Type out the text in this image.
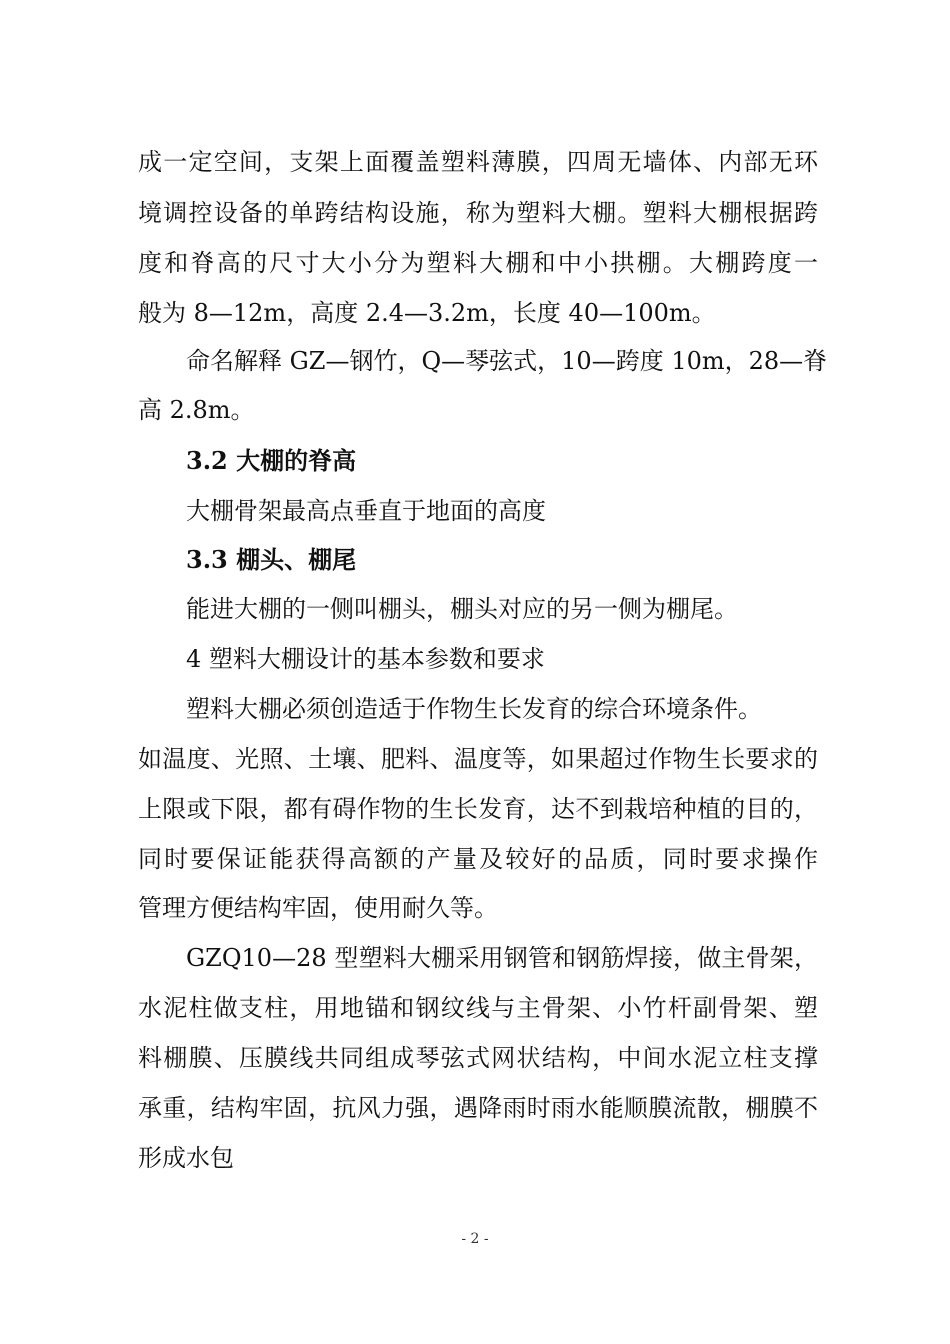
成一定空间，支架上面覆盖塑料薄膜，四周无墙体、内部无环
境调控设备的单跨结构设施，称为塑料大棚。塑料大棚根据跨
度和脊高的尺寸大小分为塑料大棚和中小拱棚。大棚跨度一
般为 8—12m，高度 2.4—3.2m，长度 40—100m。
命名解释 GZ—钢竹，Q—琴弦式，10—跨度 10m，28—脊
高 2.8m。
3.2 大棚的脊高
大棚骨架最高点垂直于地面的高度
3.3 棚头、棚尾
能进大棚的一侧叫棚头，棚头对应的另一侧为棚尾。
4 塑料大棚设计的基本参数和要求
塑料大棚必须创造适于作物生长发育的综合环境条件。
如温度、光照、土壤、肥料、温度等，如果超过作物生长要求的
上限或下限，都有碍作物的生长发育，达不到栽培种植的目的，
同时要保证能获得高额的产量及较好的品质，同时要求操作
管理方便结构牢固，使用耐久等。
GZQ10—28 型塑料大棚采用钢管和钢筋焊接，做主骨架，
水泥柱做支柱，用地锚和钢纹线与主骨架、小竹杆副骨架、塑
料棚膜、压膜线共同组成琴弦式网状结构，中间水泥立柱支撑
承重，结构牢固，抗风力强，遇降雨时雨水能顺膜流散，棚膜不
形成水包
- 2 -
